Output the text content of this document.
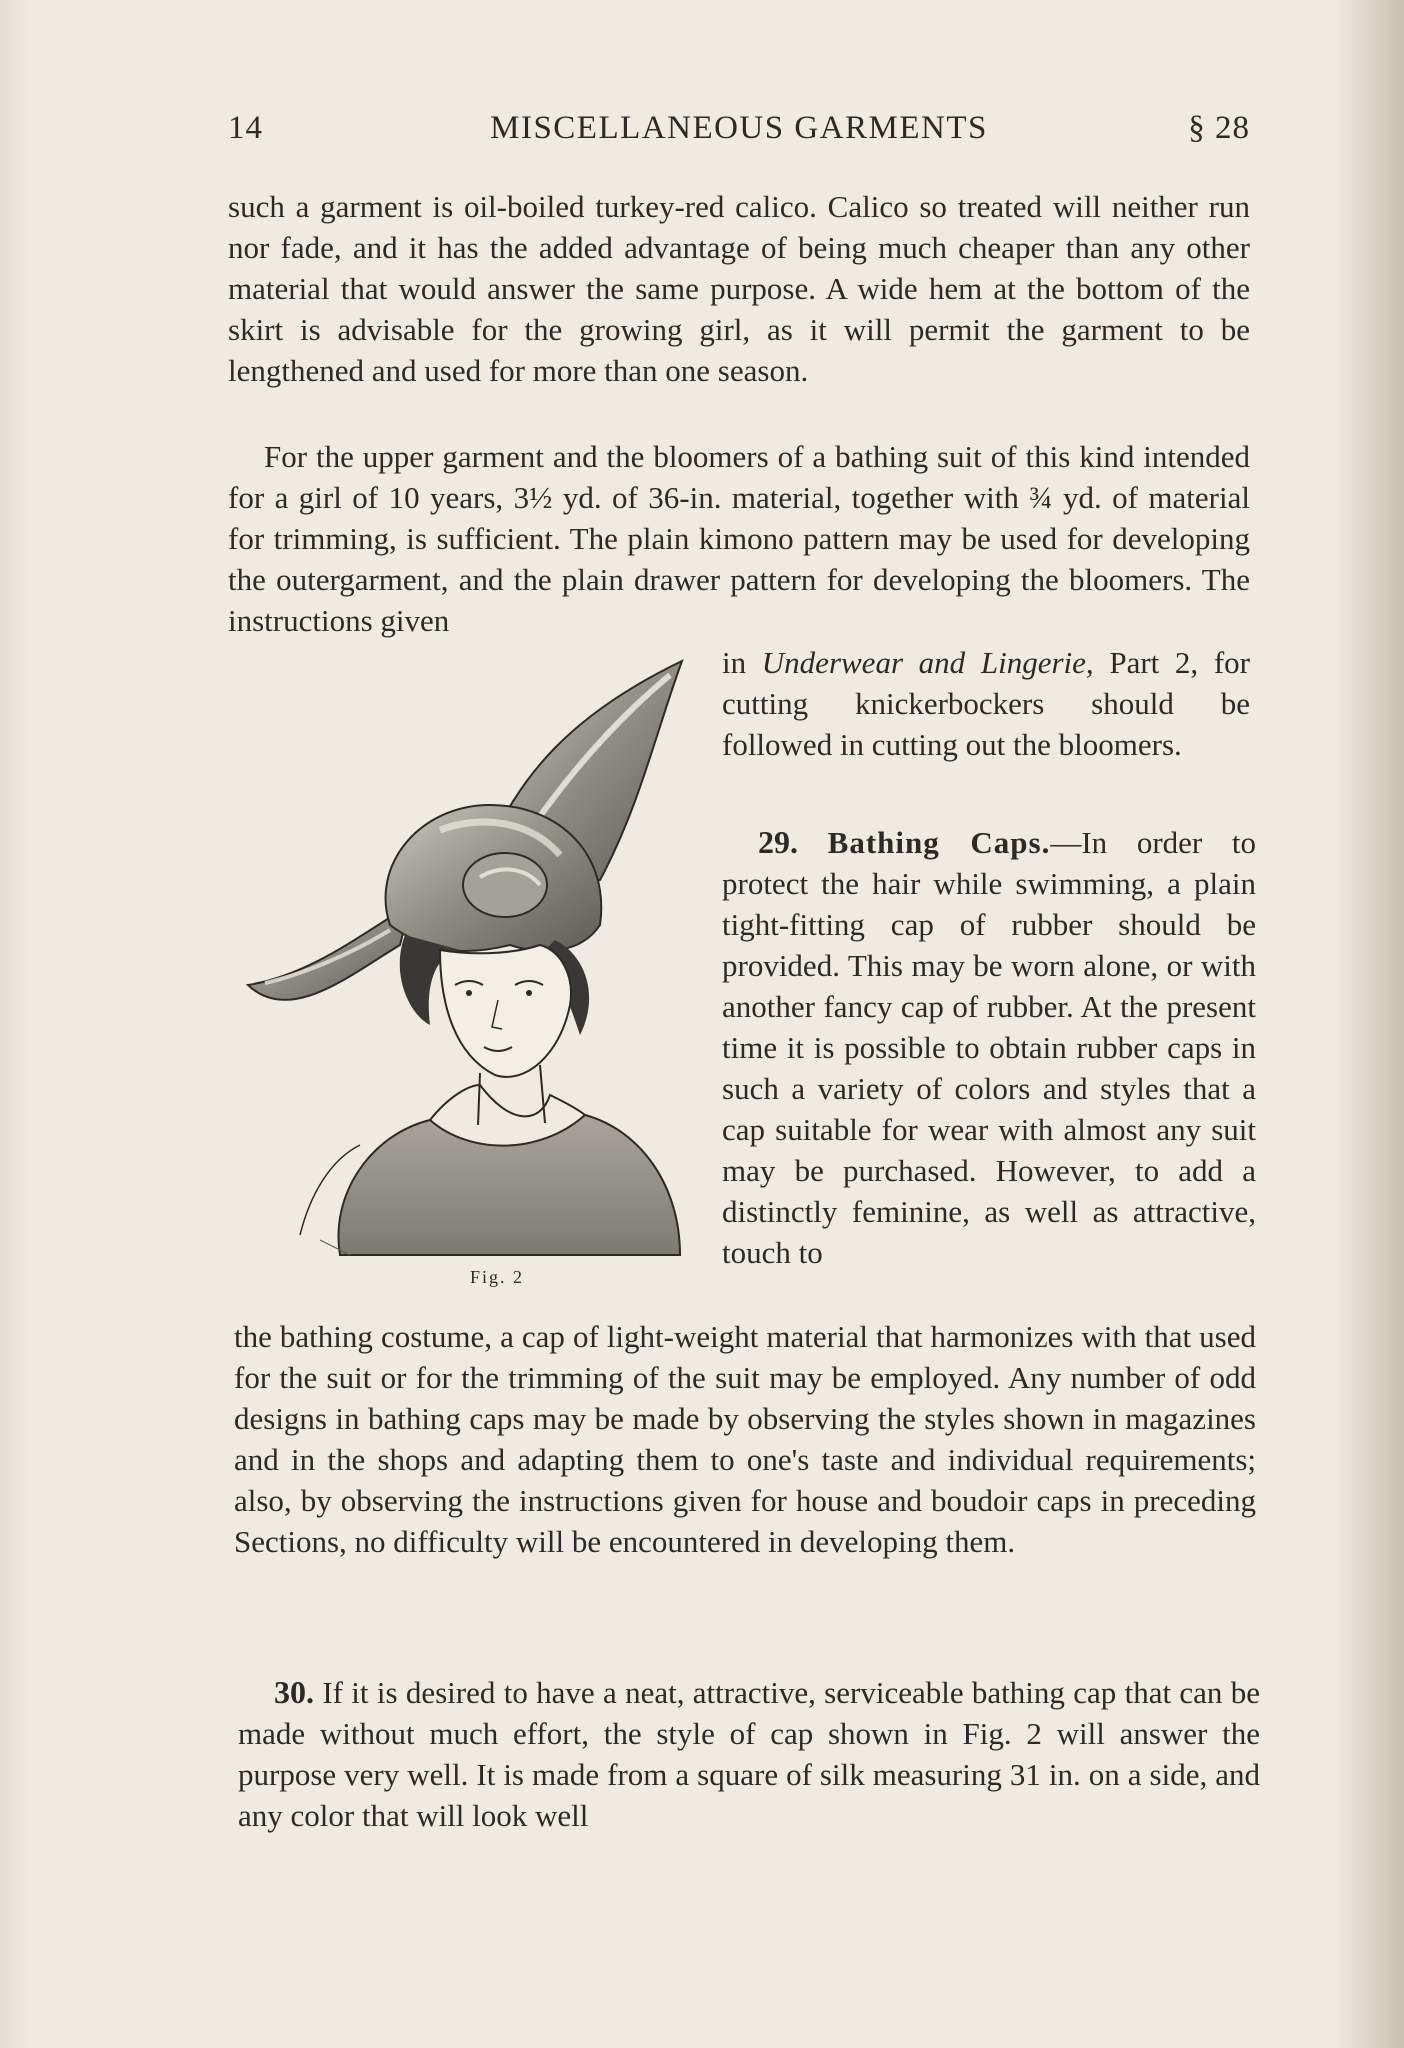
14	MISCELLANEOUS GARMENTS	§ 28

such a garment is oil-boiled turkey-red calico. Calico so treated will neither run nor fade, and it has the added advantage of being much cheaper than any other material that would answer the same purpose. A wide hem at the bottom of the skirt is advisable for the growing girl, as it will permit the garment to be lengthened and used for more than one season.

For the upper garment and the bloomers of a bathing suit of this kind intended for a girl of 10 years, 3½ yd. of 36-in. material, together with ¾ yd. of material for trimming, is sufficient. The plain kimono pattern may be used for developing the outergarment, and the plain drawer pattern for developing the bloomers. The instructions given

in Underwear and Lingerie, Part 2, for cutting knickerbockers should be followed in cutting out the bloomers.

29. Bathing Caps.—In order to protect the hair while swimming, a plain tight-fitting cap of rubber should be provided. This may be worn alone, or with another fancy cap of rubber. At the present time it is possible to obtain rubber caps in such a variety of colors and styles that a cap suitable for wear with almost any suit may be purchased. However, to add a distinctly feminine, as well as attractive, touch to

the bathing costume, a cap of light-weight material that harmonizes with that used for the suit or for the trimming of the suit may be employed. Any number of odd designs in bathing caps may be made by observing the styles shown in magazines and in the shops and adapting them to one's taste and individual requirements; also, by observing the instructions given for house and boudoir caps in preceding Sections, no difficulty will be encountered in developing them.

30. If it is desired to have a neat, attractive, serviceable bathing cap that can be made without much effort, the style of cap shown in Fig. 2 will answer the purpose very well. It is made from a square of silk measuring 31 in. on a side, and any color that will look well

Fig. 2
